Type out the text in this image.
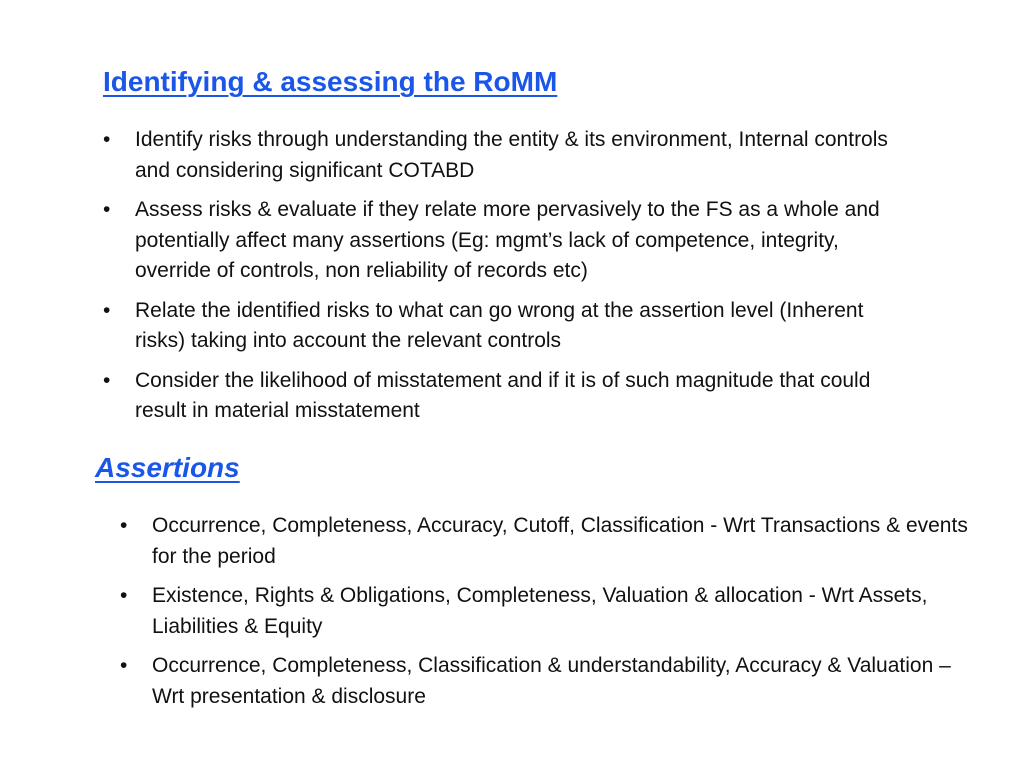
Identifying & assessing the RoMM
• Identify risks through understanding the entity & its environment, Internal controls and considering significant COTABD
• Assess risks & evaluate if they relate more pervasively to the FS as a whole and potentially affect many assertions (Eg: mgmt’s lack of competence, integrity, override of controls, non reliability of records etc)
• Relate the identified risks to what can go wrong at the assertion level (Inherent risks) taking into account the relevant controls
• Consider the likelihood of misstatement and if it is of such magnitude that could result in material misstatement
Assertions
• Occurrence, Completeness, Accuracy, Cutoff, Classification - Wrt Transactions & events for the period
• Existence, Rights & Obligations, Completeness, Valuation & allocation - Wrt Assets, Liabilities & Equity
• Occurrence, Completeness, Classification & understandability, Accuracy & Valuation – Wrt presentation & disclosure
